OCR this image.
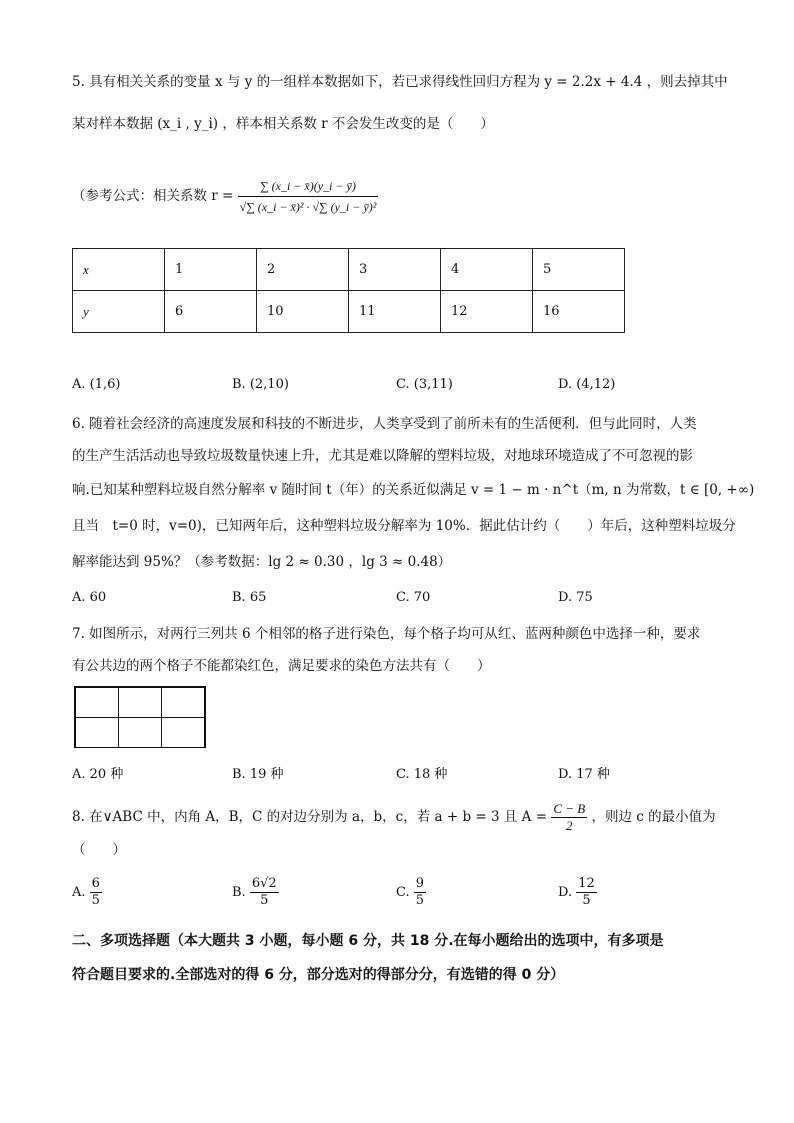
5. 具有相关关系的变量 x 与 y 的一组样本数据如下，若已求得线性回归方程为 y = 2.2x + 4.4 ，则去掉其中
某对样本数据 (x_i , y_i) ，样本相关系数 r 不会发生改变的是（　　）
（参考公式：相关系数 $r = \frac{\sum (x\_i - x̄)(y\_i - ȳ)}{\text{√∑ (x\_i − x̄)² · √∑ (y\_i − ȳ)²}}$
x	1	2	3	4	5
y	6	10	11	12	16
A. (1,6)	B. (2,10)	C. (3,11)	D. (4,12)
6. 随着社会经济的高速度发展和科技的不断进步，人类享受到了前所未有的生活便利．但与此同时，人类
的生产生活活动也导致垃圾数量快速上升，尤其是难以降解的塑料垃圾，对地球环境造成了不可忽视的影
响.已知某种塑料垃圾自然分解率 v 随时间 t（年）的关系近似满足 v = 1 − m · n^t（m, n 为常数，t ∈ [0, +∞)
且当　t=0 时，v=0)，已知两年后，这种塑料垃圾分解率为 10%．据此估计约（　　）年后，这种塑料垃圾分
解率能达到 95%？（参考数据：lg 2 ≈ 0.30 ，lg 3 ≈ 0.48）
A. 60	B. 65	C. 70	D. 75
7. 如图所示，对两行三列共 6 个相邻的格子进行染色，每个格子均可从红、蓝两种颜色中选择一种，要求
有公共边的两个格子不能都染红色，满足要求的染色方法共有（　　）
A. 20 种	B. 19 种	C. 18 种	D. 17 种
8. 在∨ABC 中，内角 A，B，C 的对边分别为 a，b，c，若 a + b = 3 且 $A = \frac{C - B}{2}$ ，则边 c 的最小值为
（　　）
A. $\frac{6}{5}$	B. $\frac{6√2}{5}$	C. $\frac{9}{5}$	D. $\frac{12}{5}$
二、多项选择题（本大题共 3 小题，每小题 6 分，共 18 分.在每小题给出的选项中，有多项是
符合题目要求的.全部选对的得 6 分，部分选对的得部分分，有选错的得 0 分）
